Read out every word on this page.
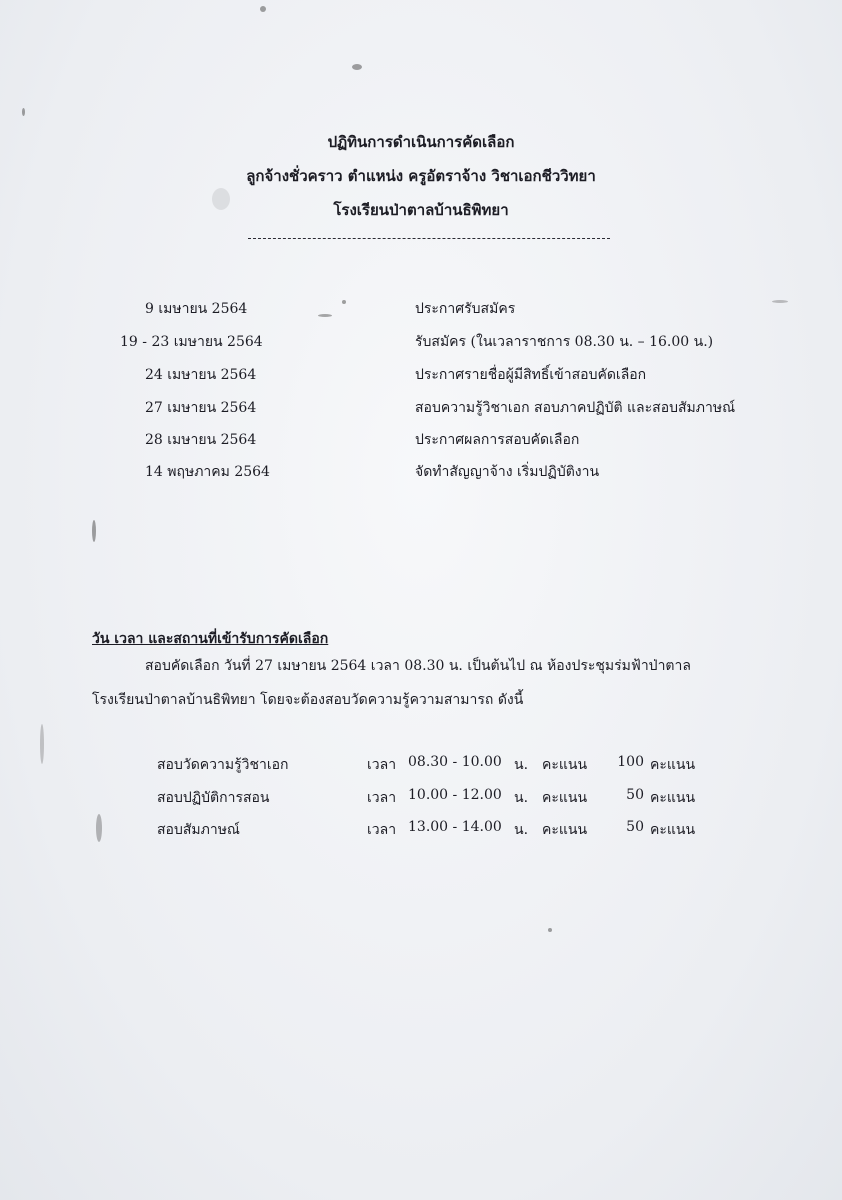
ปฏิทินการดำเนินการคัดเลือก
ลูกจ้างชั่วคราว ตำแหน่ง ครูอัตราจ้าง วิชาเอกชีววิทยา
โรงเรียนป่าตาลบ้านธิพิทยา
9 เมษายน 2564	ประกาศรับสมัคร
19 - 23 เมษายน 2564	รับสมัคร (ในเวลาราชการ 08.30 น. – 16.00 น.)
24 เมษายน 2564	ประกาศรายชื่อผู้มีสิทธิ์เข้าสอบคัดเลือก
27 เมษายน 2564	สอบความรู้วิชาเอก สอบภาคปฏิบัติ และสอบสัมภาษณ์
28 เมษายน 2564	ประกาศผลการสอบคัดเลือก
14 พฤษภาคม 2564	จัดทำสัญญาจ้าง เริ่มปฏิบัติงาน
วัน เวลา และสถานที่เข้ารับการคัดเลือก
สอบคัดเลือก วันที่ 27 เมษายน 2564 เวลา 08.30 น. เป็นต้นไป ณ ห้องประชุมร่มฟ้าป่าตาล
โรงเรียนป่าตาลบ้านธิพิทยา โดยจะต้องสอบวัดความรู้ความสามารถ ดังนี้
สอบวัดความรู้วิชาเอก	เวลา 08.30 - 10.00 น. คะแนน	100 คะแนน
สอบปฏิบัติการสอน	เวลา 10.00 - 12.00 น. คะแนน	50 คะแนน
สอบสัมภาษณ์	เวลา 13.00 - 14.00 น. คะแนน	50 คะแนน
